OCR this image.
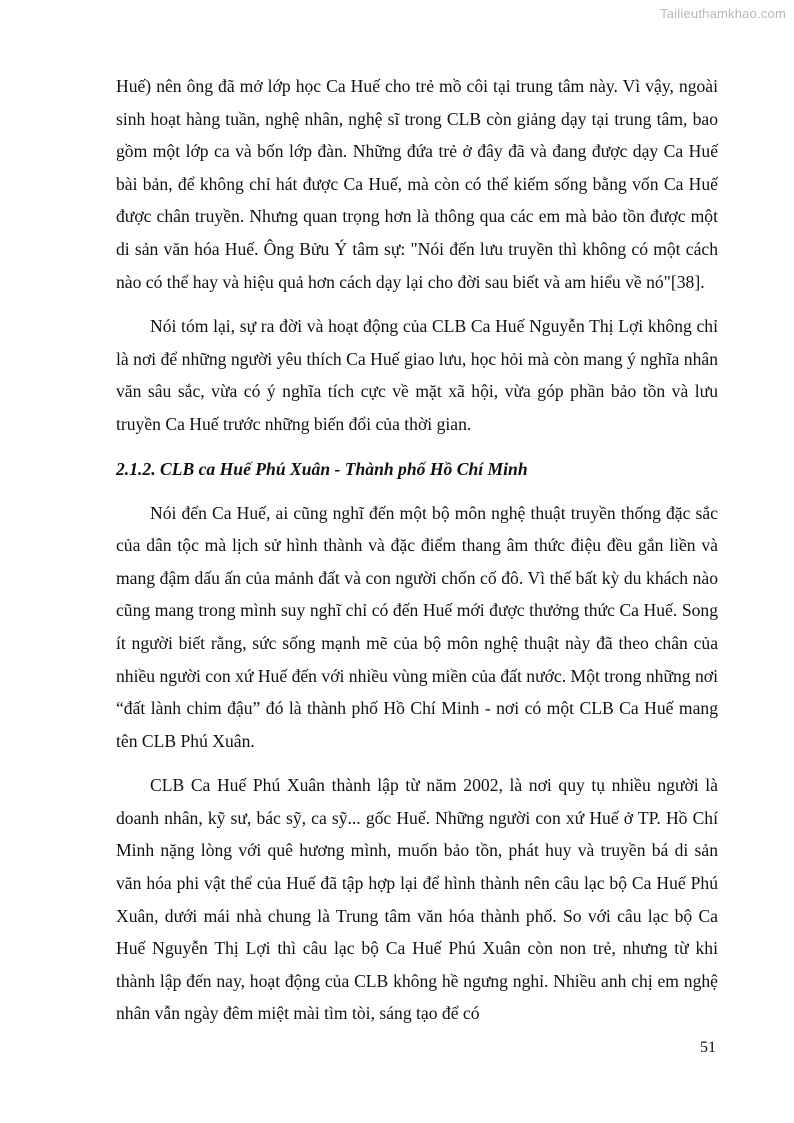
Tailieuthamkhao.com

Huế) nên ông đã mở lớp học Ca Huế cho trẻ mồ côi tại trung tâm này. Vì vậy, ngoài sinh hoạt hàng tuần, nghệ nhân, nghệ sĩ trong CLB còn giảng dạy tại trung tâm, bao gồm một lớp ca và bốn lớp đàn. Những đứa trẻ ở đây đã và đang được dạy Ca Huế bài bản, để không chỉ hát được Ca Huế, mà còn có thể kiếm sống bằng vốn Ca Huế được chân truyền. Nhưng quan trọng hơn là thông qua các em mà bảo tồn được một di sản văn hóa Huế. Ông Bửu Ý tâm sự: "Nói đến lưu truyền thì không có một cách nào có thể hay và hiệu quả hơn cách dạy lại cho đời sau biết và am hiểu về nó"[38].

Nói tóm lại, sự ra đời và hoạt động của CLB Ca Huế Nguyễn Thị Lợi không chỉ là nơi để những người yêu thích Ca Huế giao lưu, học hỏi mà còn mang ý nghĩa nhân văn sâu sắc, vừa có ý nghĩa tích cực về mặt xã hội, vừa góp phần bảo tồn và lưu truyền Ca Huế trước những biến đổi của thời gian.

2.1.2. CLB ca Huế Phú Xuân - Thành phố Hồ Chí Minh

Nói đến Ca Huế, ai cũng nghĩ đến một bộ môn nghệ thuật truyền thống đặc sắc của dân tộc mà lịch sử hình thành và đặc điểm thang âm thức điệu đều gắn liền và mang đậm dấu ấn của mảnh đất và con người chốn cố đô. Vì thế bất kỳ du khách nào cũng mang trong mình suy nghĩ chỉ có đến Huế mới được thưởng thức Ca Huế. Song ít người biết rằng, sức sống mạnh mẽ của bộ môn nghệ thuật này đã theo chân của nhiều người con xứ Huế đến với nhiều vùng miền của đất nước. Một trong những nơi “đất lành chim đậu” đó là thành phố Hồ Chí Minh - nơi có một CLB Ca Huế mang tên CLB Phú Xuân.

CLB Ca Huế Phú Xuân thành lập từ năm 2002, là nơi quy tụ nhiều người là doanh nhân, kỹ sư, bác sỹ, ca sỹ... gốc Huế. Những người con xứ Huế ở TP. Hồ Chí Minh nặng lòng với quê hương mình, muốn bảo tồn, phát huy và truyền bá di sản văn hóa phi vật thể của Huế đã tập hợp lại để hình thành nên câu lạc bộ Ca Huế Phú Xuân, dưới mái nhà chung là Trung tâm văn hóa thành phố. So với câu lạc bộ Ca Huế Nguyễn Thị Lợi thì câu lạc bộ Ca Huế Phú Xuân còn non trẻ, nhưng từ khi thành lập đến nay, hoạt động của CLB không hề ngưng nghỉ. Nhiều anh chị em nghệ nhân vẫn ngày đêm miệt mài tìm tòi, sáng tạo để có

51
